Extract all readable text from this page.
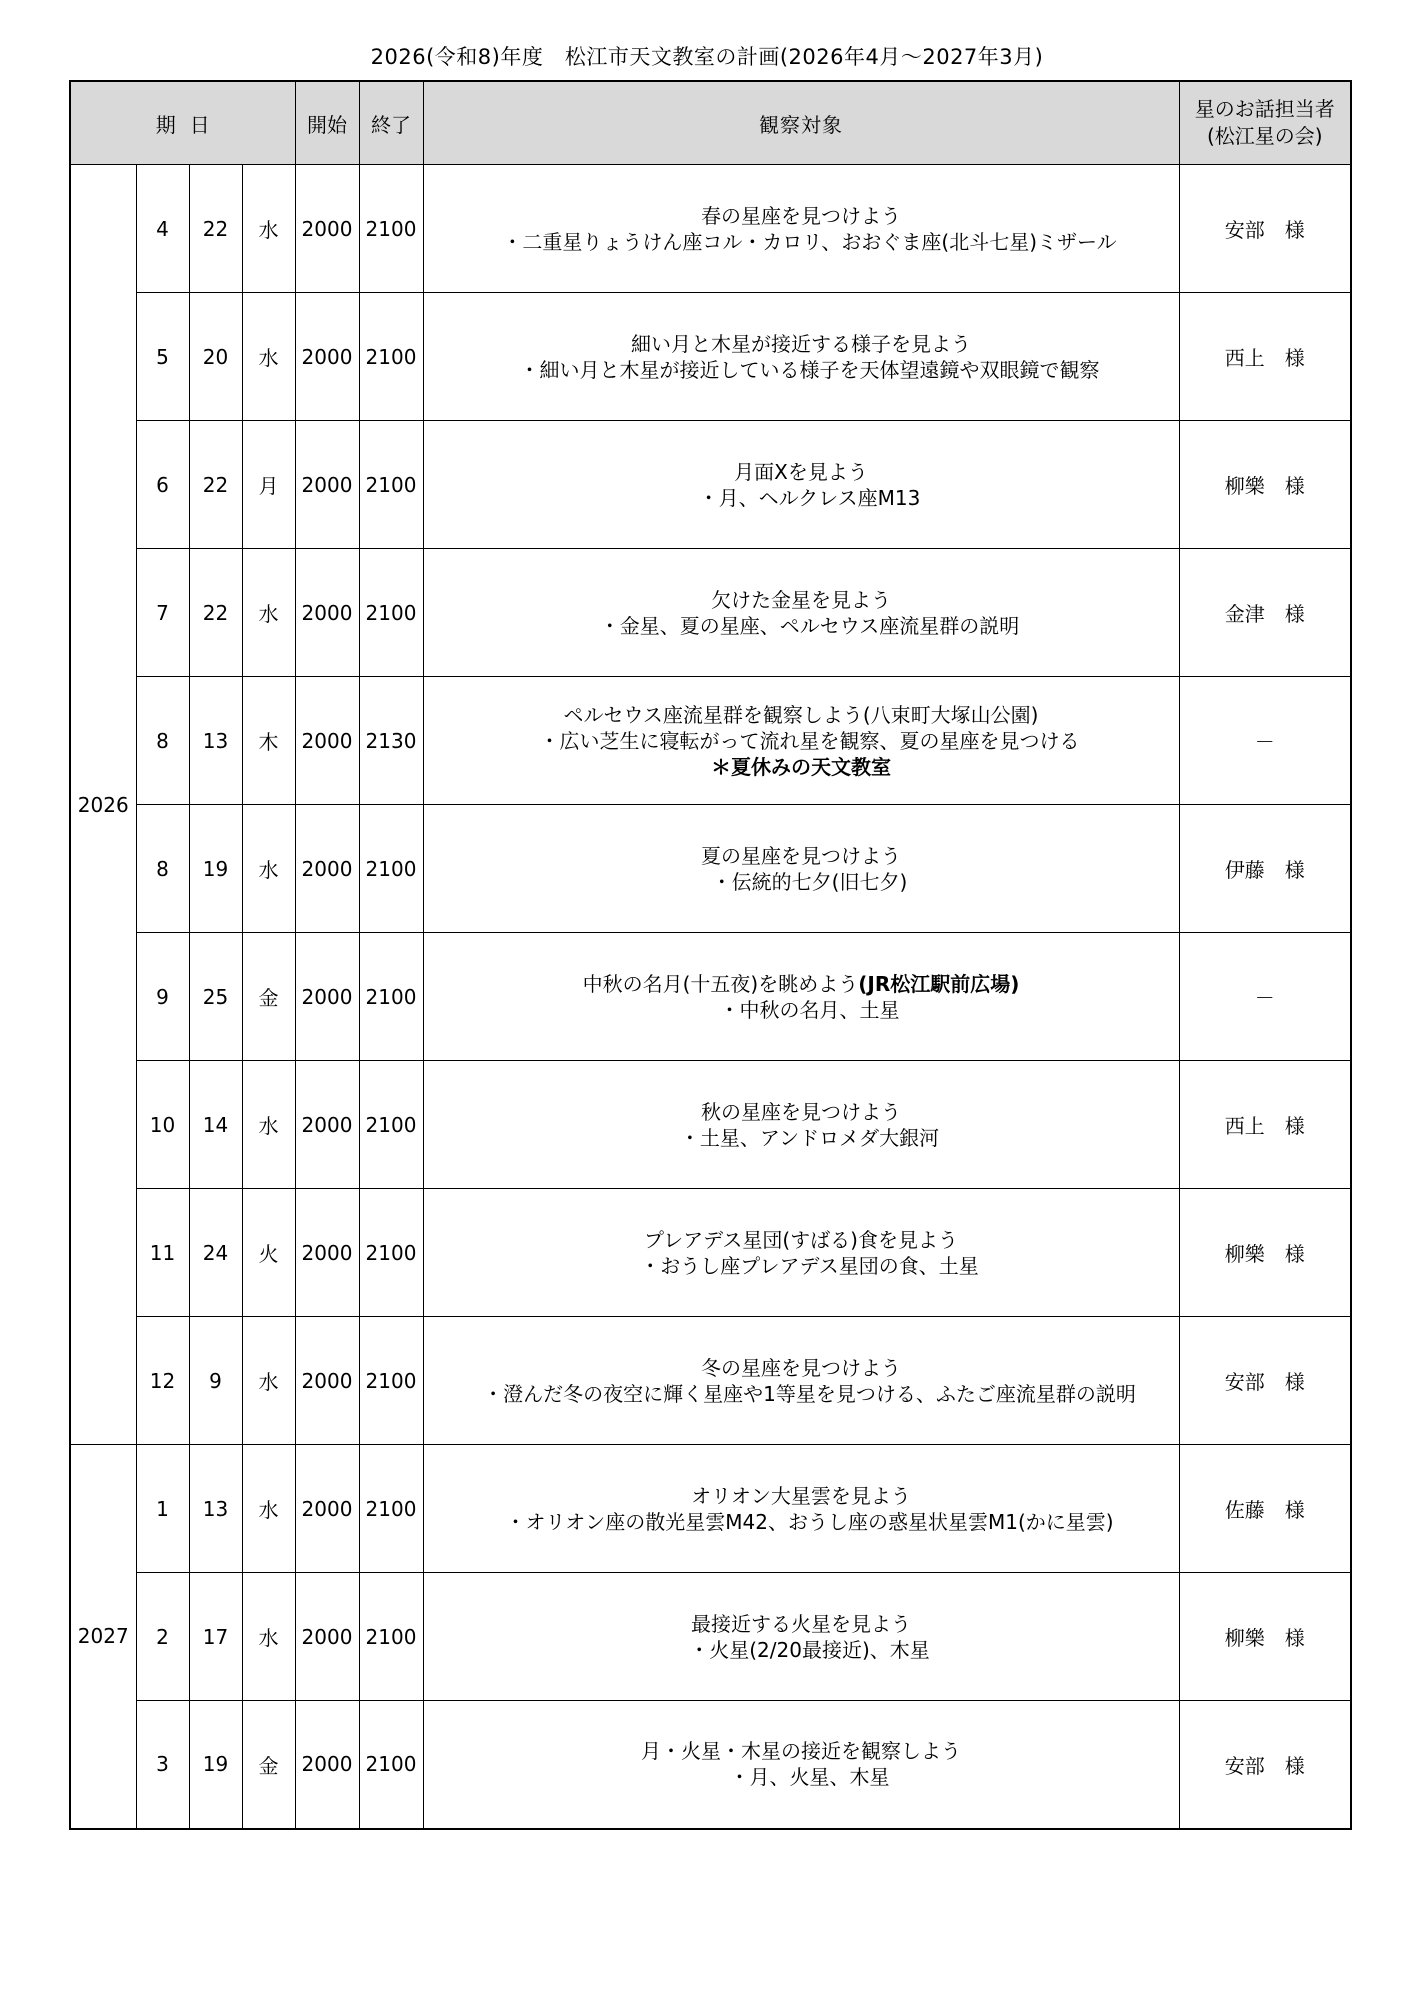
2026(令和8)年度　松江市天文教室の計画(2026年4月～2027年3月)
期日				開始	終了	観察対象	星のお話担当者
(松江星の会)
2026	4	22	水	2000	2100	春の星座を見つけよう
・二重星りょうけん座コル・カロリ、おおぐま座(北斗七星)ミザール	安部　様
	5	20	水	2000	2100	細い月と木星が接近する様子を見よう
・細い月と木星が接近している様子を天体望遠鏡や双眼鏡で観察	西上　様
	6	22	月	2000	2100	月面Xを見よう
・月、ヘルクレス座M13	柳樂　様
	7	22	水	2000	2100	欠けた金星を見よう
・金星、夏の星座、ペルセウス座流星群の説明	金津　様
	8	13	木	2000	2130	ペルセウス座流星群を観察しよう(八束町大塚山公園)
・広い芝生に寝転がって流れ星を観察、夏の星座を見つける
＊夏休みの天文教室	－
	8	19	水	2000	2100	夏の星座を見つけよう
・伝統的七夕(旧七夕)	伊藤　様
	9	25	金	2000	2100	中秋の名月(十五夜)を眺めよう(JR松江駅前広場)
・中秋の名月、土星	－
	10	14	水	2000	2100	秋の星座を見つけよう
・土星、アンドロメダ大銀河	西上　様
	11	24	火	2000	2100	プレアデス星団(すばる)食を見よう
・おうし座プレアデス星団の食、土星	柳樂　様
	12	9	水	2000	2100	冬の星座を見つけよう
・澄んだ冬の夜空に輝く星座や1等星を見つける、ふたご座流星群の説明	安部　様
2027	1	13	水	2000	2100	オリオン大星雲を見よう
・オリオン座の散光星雲M42、おうし座の惑星状星雲M1(かに星雲)	佐藤　様
	2	17	水	2000	2100	最接近する火星を見よう
・火星(2/20最接近)、木星	柳樂　様
	3	19	金	2000	2100	月・火星・木星の接近を観察しよう
・月、火星、木星	安部　様
